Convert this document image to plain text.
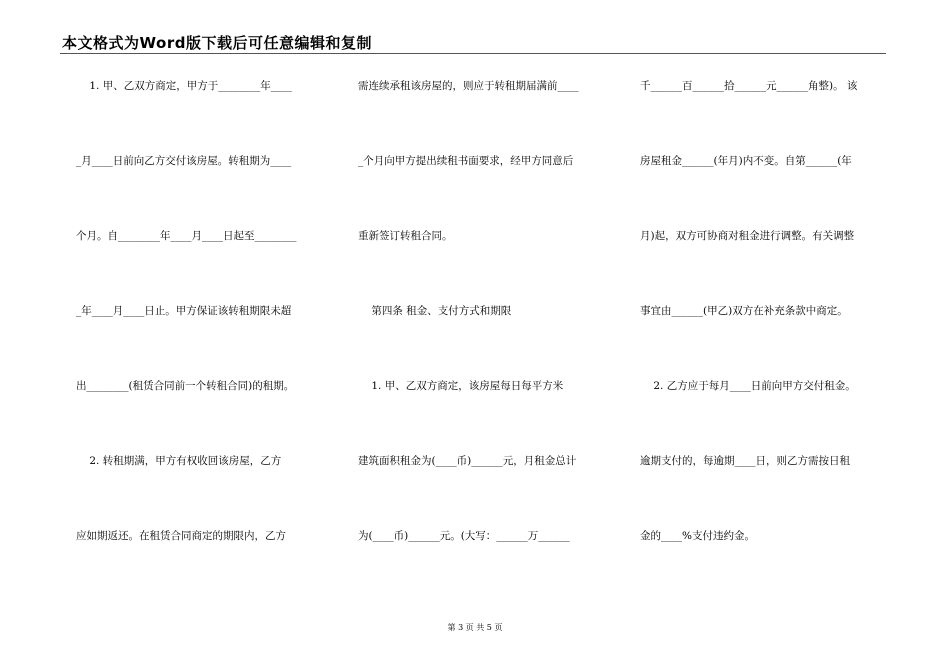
本文格式为Word版下载后可任意编辑和复制
1. 甲、乙双方商定，甲方于________年____
_月____日前向乙方交付该房屋。转租期为____
个月。自________年____月____日起至________
_年____月____日止。甲方保证该转租期限未超
出________(租赁合同前一个转租合同)的租期。
2. 转租期满，甲方有权收回该房屋，乙方
应如期返还。在租赁合同商定的期限内，乙方
需连续承租该房屋的，则应于转租期届满前____
_个月向甲方提出续租书面要求，经甲方同意后
重新签订转租合同。
第四条 租金、支付方式和期限
1. 甲、乙双方商定，该房屋每日每平方米
建筑面积租金为(____币)______元，月租金总计
为(____币)______元。(大写：______万______
千______百______拾______元______角整)。 该
房屋租金______(年月)内不变。自第______(年
月)起，双方可协商对租金进行调整。有关调整
事宜由______(甲乙)双方在补充条款中商定。
2. 乙方应于每月____日前向甲方交付租金。
逾期支付的，每逾期____日，则乙方需按日租
金的____%支付违约金。
第 3 页 共 5 页
